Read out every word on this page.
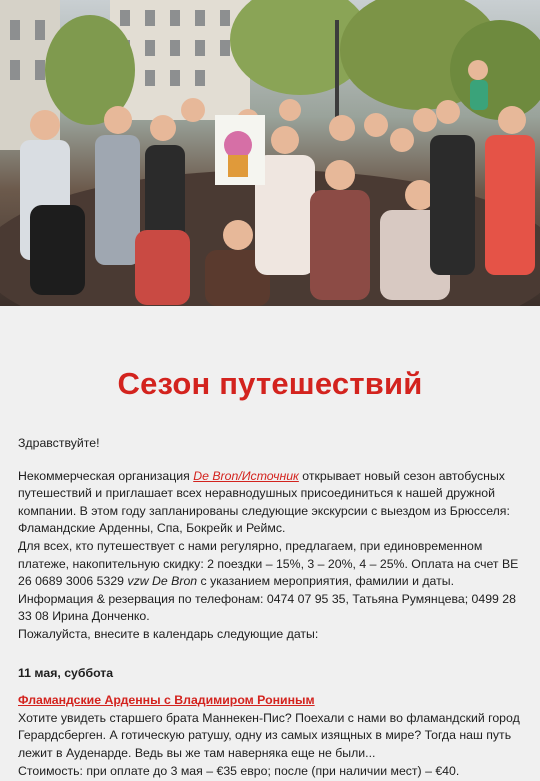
Сезон путешествий

Здравствуйте!

Некоммерческая организация De Bron/Источник открывает новый сезон автобусных путешествий и приглашает всех неравнодушных присоединиться к нашей дружной компании. В этом году запланированы следующие экскурсии с выездом из Брюсселя: Фламандские Арденны, Спа, Бокрейк и Реймс.

Для всех, кто путешествует с нами регулярно, предлагаем, при единовременном платеже, накопительную скидку: 2 поездки – 15%, 3 – 20%, 4 – 25%. Оплата на счет BE 26 0689 3006 5329 vzw De Bron с указанием мероприятия, фамилии и даты. Информация & резервация по телефонам: 0474 07 95 35, Татьяна Румянцева; 0499 28 33 08 Ирина Донченко.

Пожалуйста, внесите в календарь следующие даты:

11 мая, суббота

Фламандские Арденны с Владимиром Рониным

Хотите увидеть старшего брата Маннекен-Пис? Поехали с нами во фламандский город Герардсберген. А готическую ратушу, одну из самых изящных в мире? Тогда наш путь лежит в Ауденарде. Ведь вы же там наверняка еще не были...

Стоимость: при оплате до 3 мая – €35 евро; после (при наличии мест) – €40.
